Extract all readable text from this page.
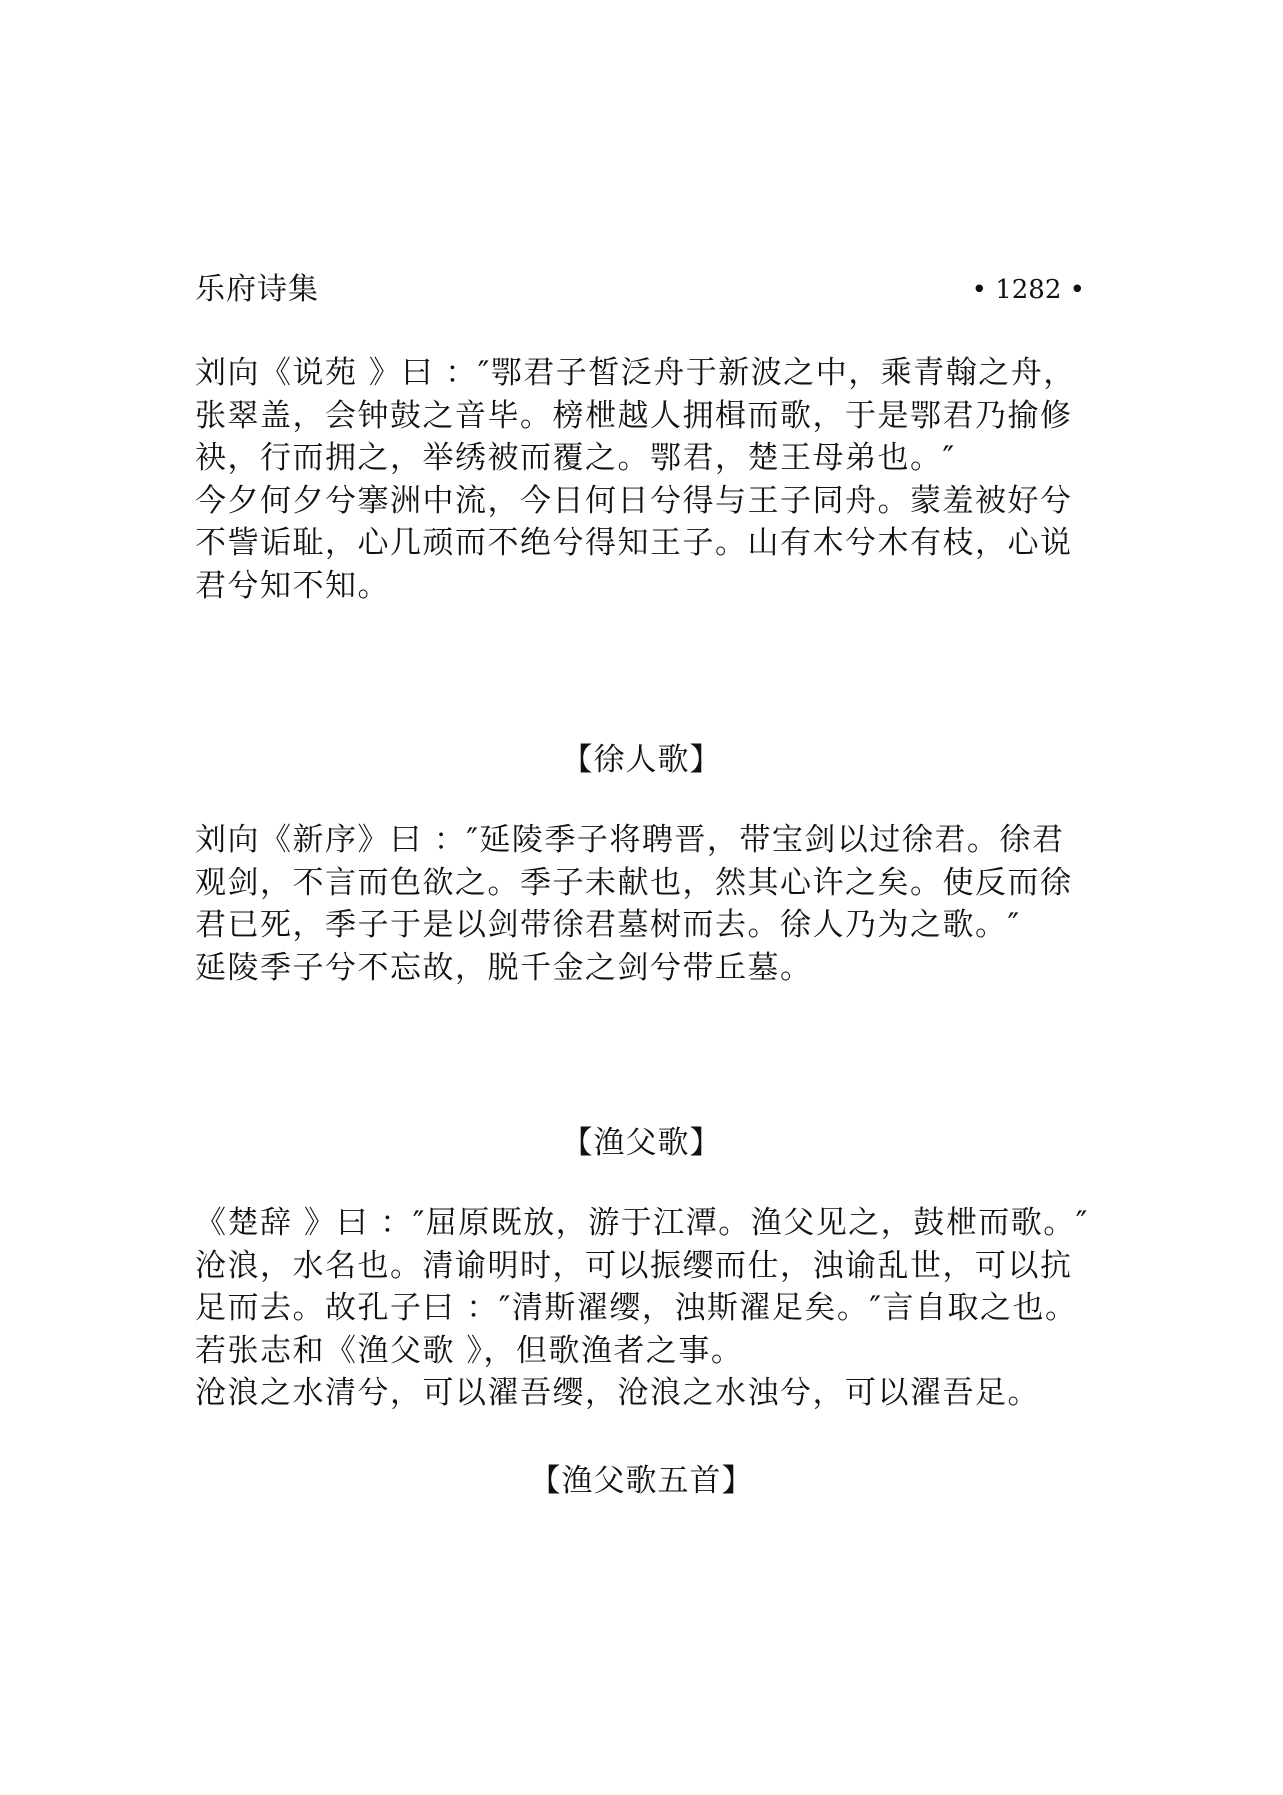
乐府诗集	• 1282 •

刘向《说苑 》曰 ：″鄂君子皙泛舟于新波之中，乘青翰之舟，
张翠盖，会钟鼓之音毕。榜枻越人拥楫而歌，于是鄂君乃揄修
袂，行而拥之，举绣被而覆之。鄂君，楚王母弟也。″

今夕何夕兮搴洲中流，今日何日兮得与王子同舟。蒙羞被好兮
不訾诟耻，心几顽而不绝兮得知王子。山有木兮木有枝，心说
君兮知不知。

【徐人歌】

刘向《新序》曰 ：″延陵季子将聘晋，带宝剑以过徐君。徐君
观剑，不言而色欲之。季子未献也，然其心许之矣。使反而徐
君已死，季子于是以剑带徐君墓树而去。徐人乃为之歌。″

延陵季子兮不忘故，脱千金之剑兮带丘墓。

【渔父歌】

《楚辞 》曰 ：″屈原既放，游于江潭。渔父见之，鼓枻而歌。″
沧浪，水名也。清谕明时，可以振缨而仕，浊谕乱世，可以抗
足而去。故孔子曰 ：″清斯濯缨，浊斯濯足矣。″言自取之也。
若张志和《渔父歌 》，但歌渔者之事。

沧浪之水清兮，可以濯吾缨，沧浪之水浊兮，可以濯吾足。

【渔父歌五首】
